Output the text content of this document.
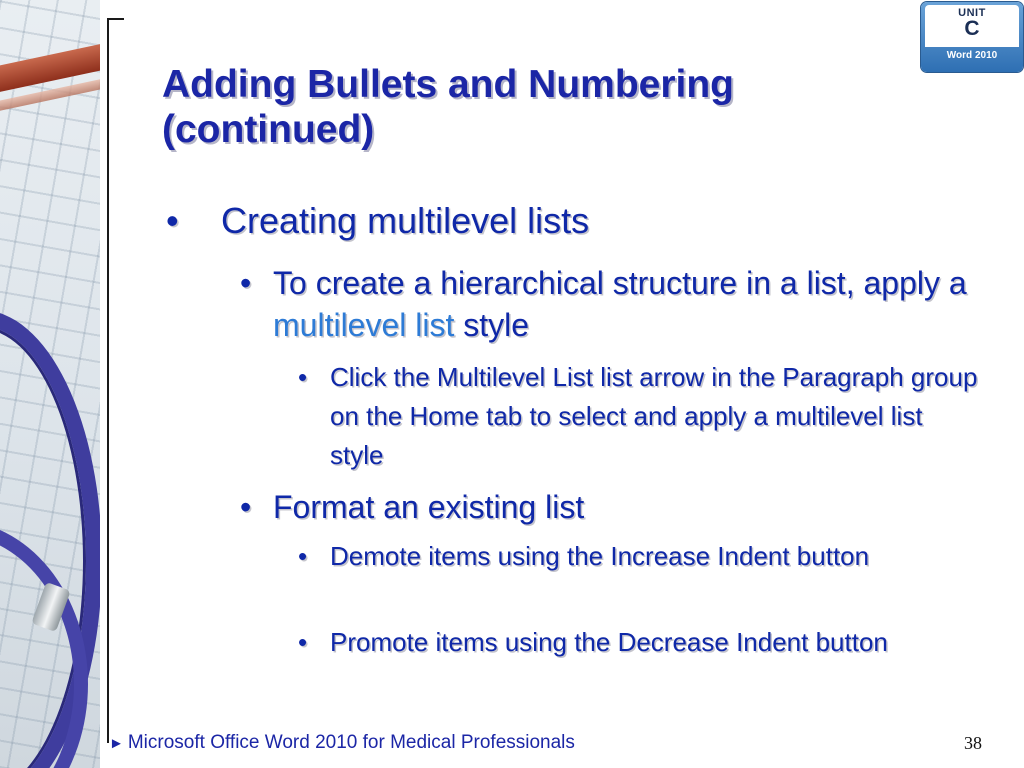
UNIT
C
Word 2010
Adding Bullets and Numbering
(continued)
• Creating multilevel lists
• To create a hierarchical structure in a list, apply a multilevel list style
• Click the Multilevel List list arrow in the Paragraph group on the Home tab to select and apply a multilevel list style
• Format an existing list
• Demote items using the Increase Indent button
• Promote items using the Decrease Indent button
► Microsoft Office Word 2010 for Medical Professionals	38
